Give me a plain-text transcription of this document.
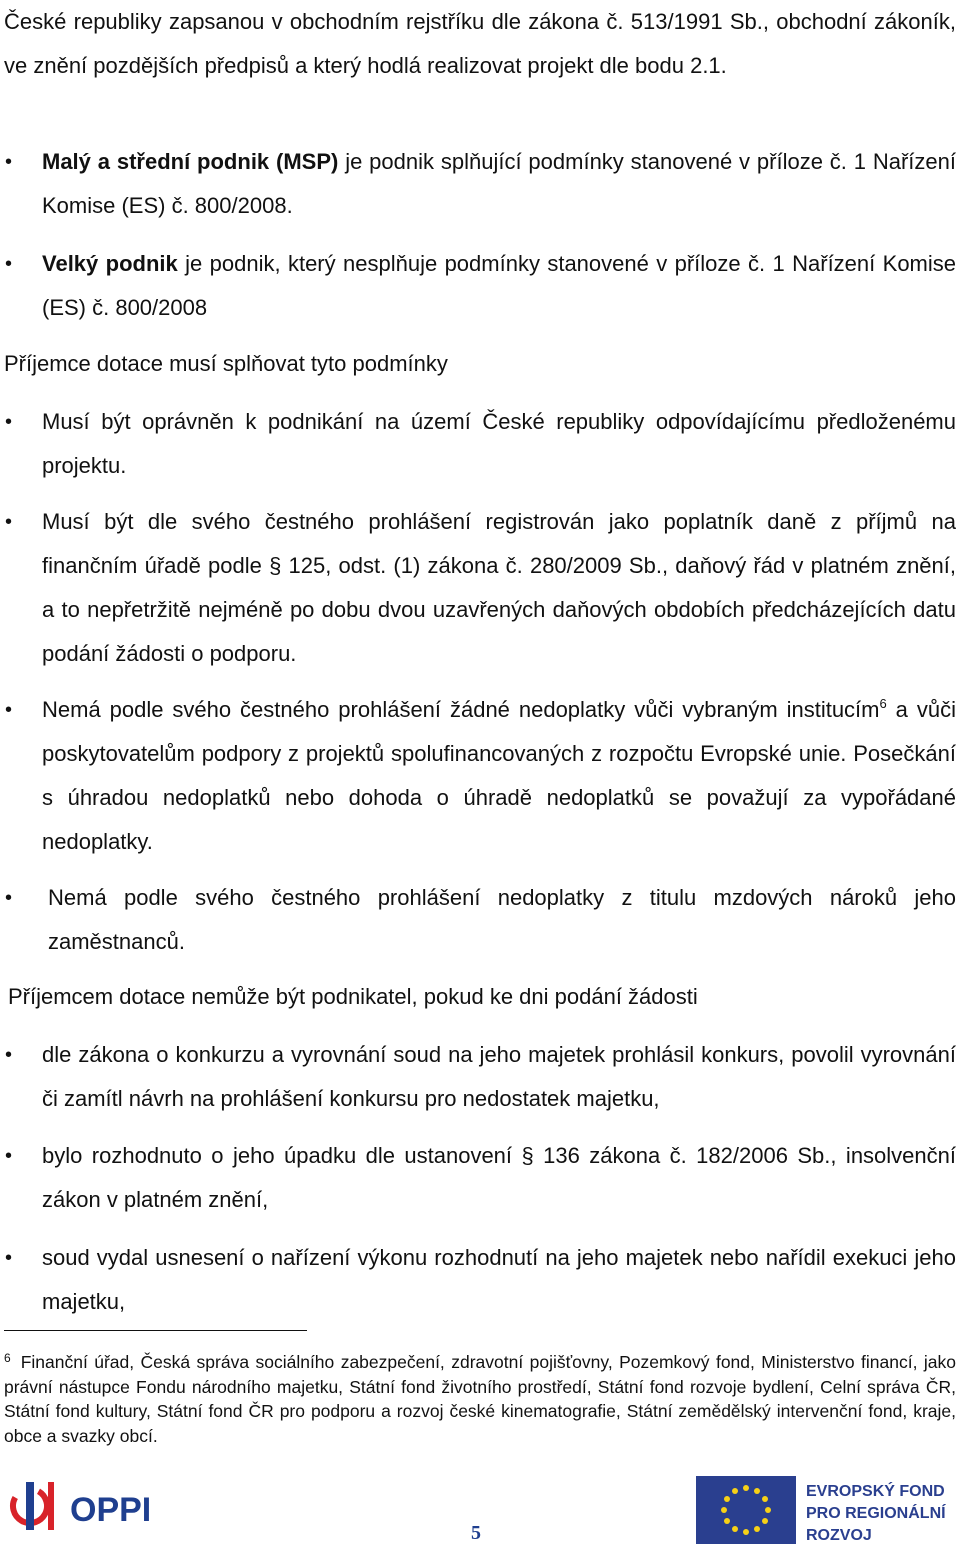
České republiky zapsanou v obchodním rejstříku dle zákona č. 513/1991 Sb., obchodní zákoník, ve znění pozdějších předpisů a který hodlá realizovat projekt dle bodu 2.1.

• Malý a střední podnik (MSP) je podnik splňující podmínky stanovené v příloze č. 1 Nařízení Komise (ES) č. 800/2008.

• Velký podnik je podnik, který nesplňuje podmínky stanovené v příloze č. 1 Nařízení Komise (ES) č. 800/2008

Příjemce dotace musí splňovat tyto podmínky

• Musí být oprávněn k podnikání na území České republiky odpovídajícímu předloženému projektu.

• Musí být dle svého čestného prohlášení registrován jako poplatník daně z příjmů na finančním úřadě podle § 125, odst. (1) zákona č. 280/2009 Sb., daňový řád v platném znění, a to nepřetržitě nejméně po dobu dvou uzavřených daňových obdobích předcházejících datu podání žádosti o podporu.

• Nemá podle svého čestného prohlášení žádné nedoplatky vůči vybraným institucím$^6$ a vůči poskytovatelům podpory z projektů spolufinancovaných z rozpočtu Evropské unie. Posečkání s úhradou nedoplatků nebo dohoda o úhradě nedoplatků se považují za vypořádané nedoplatky.

• Nemá podle svého čestného prohlášení nedoplatky z titulu mzdových nároků jeho zaměstnanců.

Příjemcem dotace nemůže být podnikatel, pokud ke dni podání žádosti

• dle zákona o konkurzu a vyrovnání soud na jeho majetek prohlásil konkurs, povolil vyrovnání či zamítl návrh na prohlášení konkursu pro nedostatek majetku,

• bylo rozhodnuto o jeho úpadku dle ustanovení § 136 zákona č. 182/2006 Sb., insolvenční zákon v platném znění,

• soud vydal usnesení o nařízení výkonu rozhodnutí na jeho majetek nebo nařídil exekuci jeho majetku,

$^6$ Finanční úřad, Česká správa sociálního zabezpečení, zdravotní pojišťovny, Pozemkový fond, Ministerstvo financí, jako právní nástupce Fondu národního majetku, Státní fond životního prostředí, Státní fond rozvoje bydlení, Celní správa ČR, Státní fond kultury, Státní fond ČR pro podporu a rozvoj české kinematografie, Státní zemědělský intervenční fond, kraje, obce a svazky obcí.

OPPI
5
EVROPSKÝ FOND
PRO REGIONÁLNÍ
ROZVOJ
